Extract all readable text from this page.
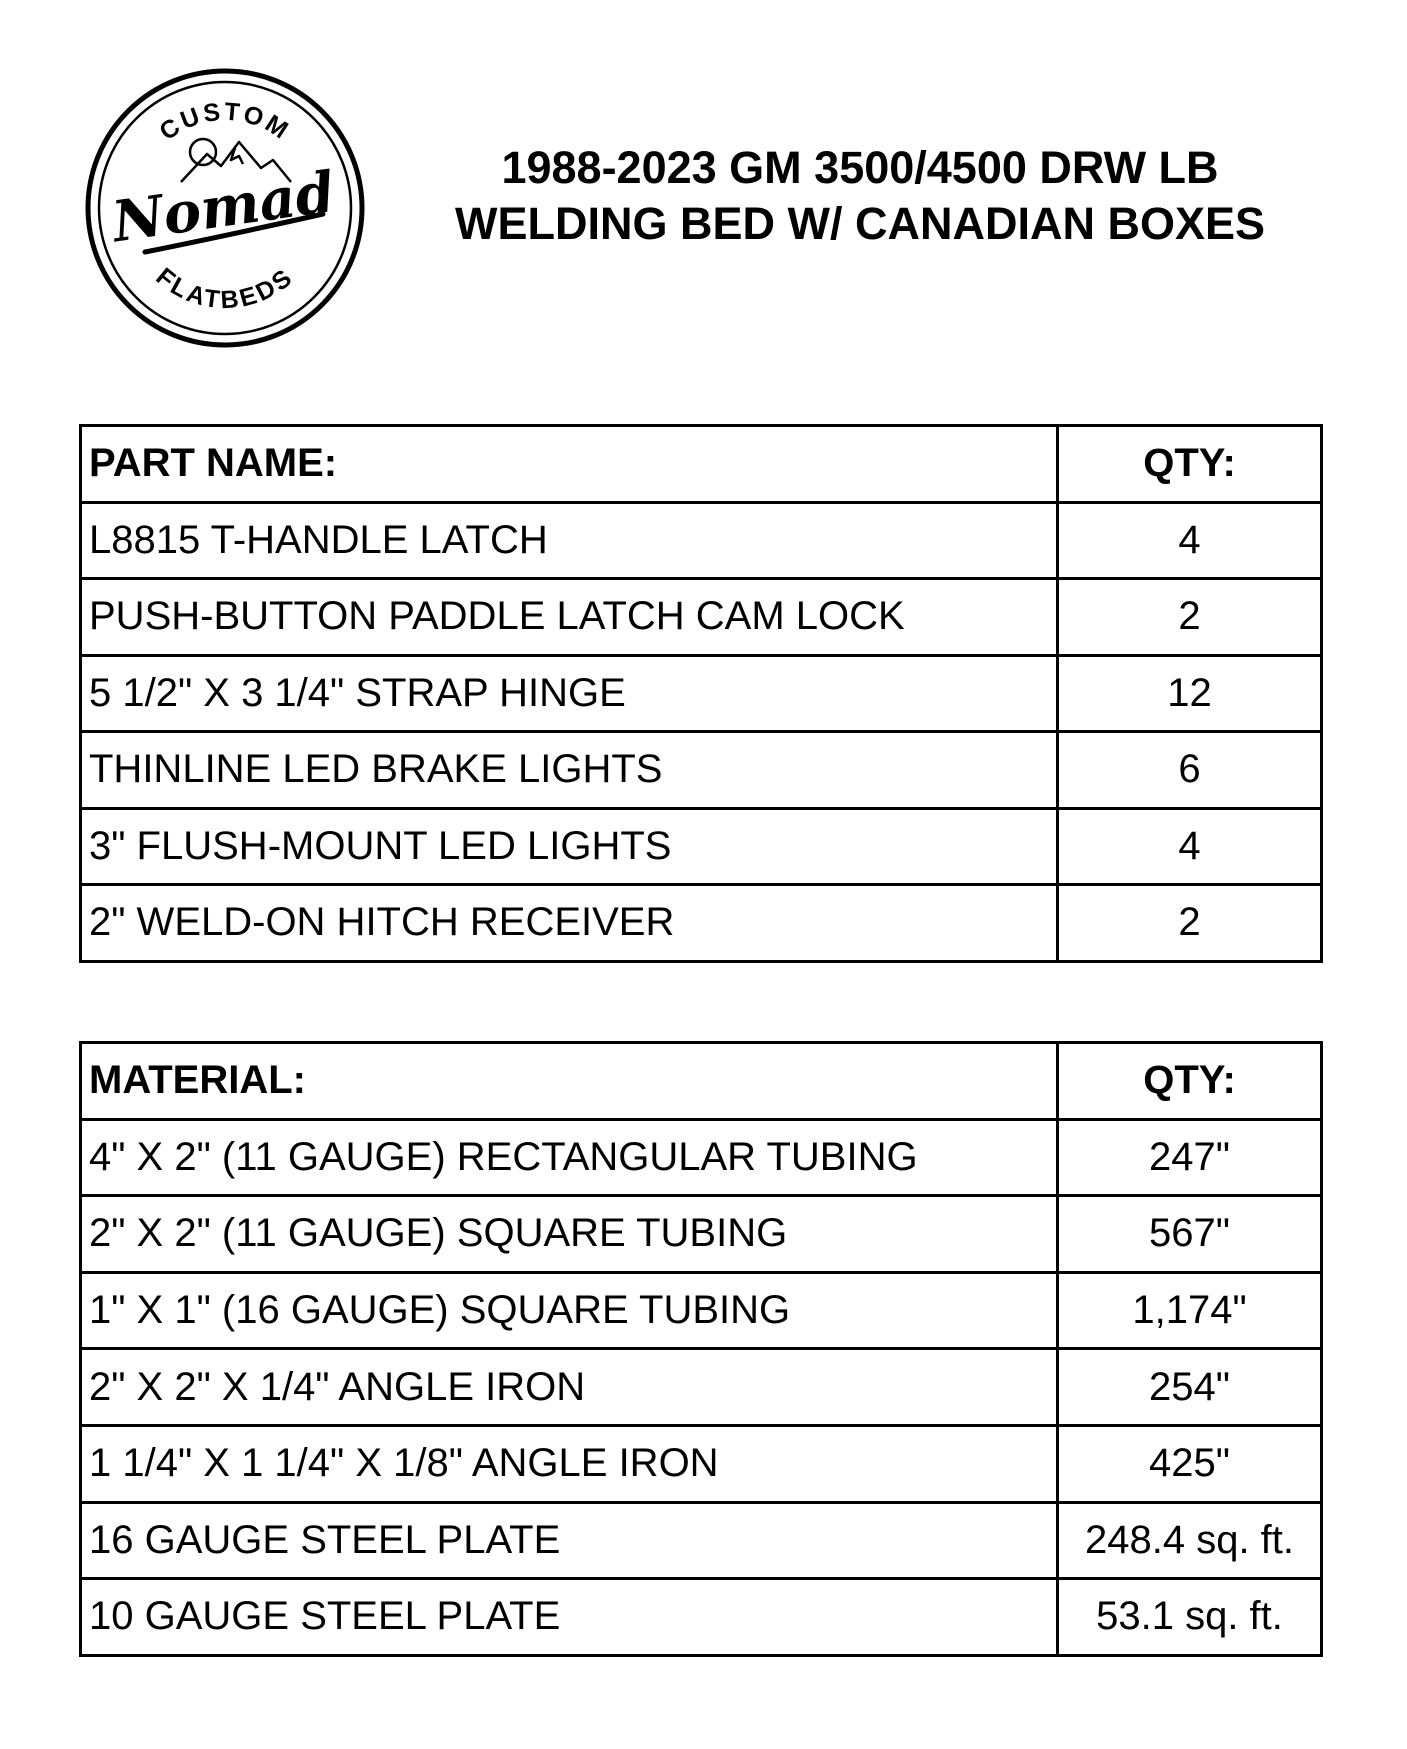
CUSTOM
Nomad
FLATBEDS
1988-2023 GM 3500/4500 DRW LB
WELDING BED W/ CANADIAN BOXES
PART NAME:	QTY:
L8815 T-HANDLE LATCH	4
PUSH-BUTTON PADDLE LATCH CAM LOCK	2
5 1/2" X 3 1/4" STRAP HINGE	12
THINLINE LED BRAKE LIGHTS	6
3" FLUSH-MOUNT LED LIGHTS	4
2" WELD-ON HITCH RECEIVER	2
MATERIAL:	QTY:
4" X 2" (11 GAUGE) RECTANGULAR TUBING	247"
2" X 2" (11 GAUGE) SQUARE TUBING	567"
1" X 1" (16 GAUGE) SQUARE TUBING	1,174"
2" X 2" X 1/4" ANGLE IRON	254"
1 1/4" X 1 1/4" X 1/8" ANGLE IRON	425"
16 GAUGE STEEL PLATE	248.4 sq. ft.
10 GAUGE STEEL PLATE	53.1 sq. ft.
